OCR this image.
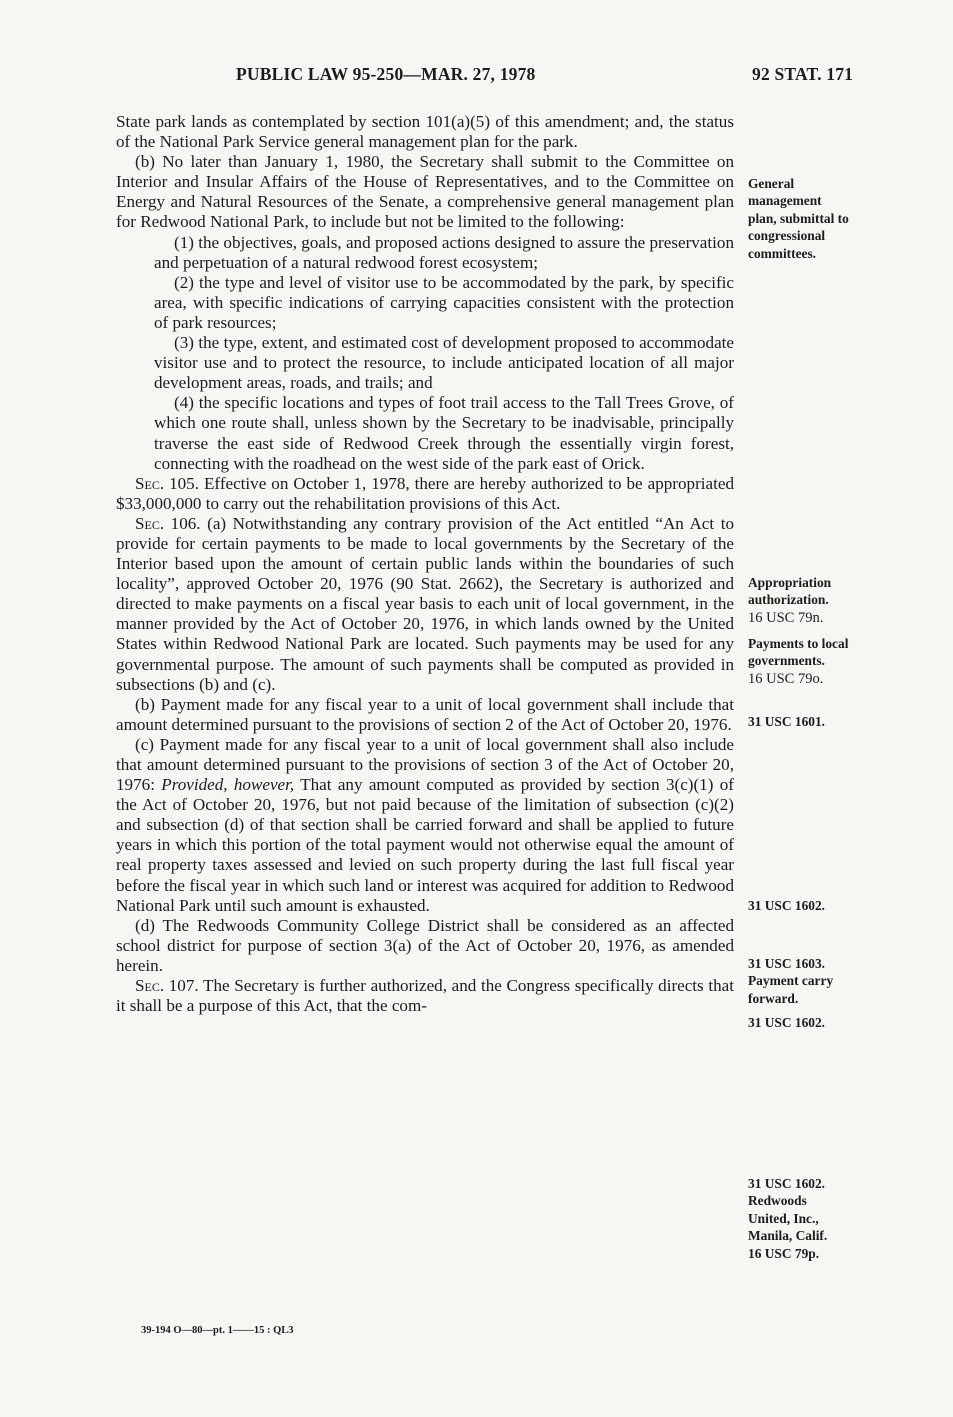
PUBLIC LAW 95-250—MAR. 27, 1978	92 STAT. 171

State park lands as contemplated by section 101(a)(5) of this amendment; and, the status of the National Park Service general management plan for the park.

(b) No later than January 1, 1980, the Secretary shall submit to the Committee on Interior and Insular Affairs of the House of Representatives, and to the Committee on Energy and Natural Resources of the Senate, a comprehensive general management plan for Redwood National Park, to include but not be limited to the following:

(1) the objectives, goals, and proposed actions designed to assure the preservation and perpetuation of a natural redwood forest ecosystem;

(2) the type and level of visitor use to be accommodated by the park, by specific area, with specific indications of carrying capacities consistent with the protection of park resources;

(3) the type, extent, and estimated cost of development proposed to accommodate visitor use and to protect the resource, to include anticipated location of all major development areas, roads, and trails; and

(4) the specific locations and types of foot trail access to the Tall Trees Grove, of which one route shall, unless shown by the Secretary to be inadvisable, principally traverse the east side of Redwood Creek through the essentially virgin forest, connecting with the roadhead on the west side of the park east of Orick.

Sec. 105. Effective on October 1, 1978, there are hereby authorized to be appropriated $33,000,000 to carry out the rehabilitation provisions of this Act.

Sec. 106. (a) Notwithstanding any contrary provision of the Act entitled “An Act to provide for certain payments to be made to local governments by the Secretary of the Interior based upon the amount of certain public lands within the boundaries of such locality”, approved October 20, 1976 (90 Stat. 2662), the Secretary is authorized and directed to make payments on a fiscal year basis to each unit of local government, in the manner provided by the Act of October 20, 1976, in which lands owned by the United States within Redwood National Park are located. Such payments may be used for any governmental purpose. The amount of such payments shall be computed as provided in subsections (b) and (c).

(b) Payment made for any fiscal year to a unit of local government shall include that amount determined pursuant to the provisions of section 2 of the Act of October 20, 1976.

(c) Payment made for any fiscal year to a unit of local government shall also include that amount determined pursuant to the provisions of section 3 of the Act of October 20, 1976: Provided, however, That any amount computed as provided by section 3(c)(1) of the Act of October 20, 1976, but not paid because of the limitation of subsection (c)(2) and subsection (d) of that section shall be carried forward and shall be applied to future years in which this portion of the total payment would not otherwise equal the amount of real property taxes assessed and levied on such property during the last full fiscal year before the fiscal year in which such land or interest was acquired for addition to Redwood National Park until such amount is exhausted.

(d) The Redwoods Community College District shall be considered as an affected school district for purpose of section 3(a) of the Act of October 20, 1976, as amended herein.

Sec. 107. The Secretary is further authorized, and the Congress specifically directs that it shall be a purpose of this Act, that the com-

General
management
plan, submittal to
congressional
committees.
Appropriation
authorization.
16 USC 79n.
Payments to local
governments.
16 USC 79o.
31 USC 1601.
31 USC 1602.
31 USC 1603.
Payment carry
forward.
31 USC 1602.
31 USC 1602.
Redwoods
United, Inc.,
Manila, Calif.
16 USC 79p.
39-194 O—80—pt. 1——15 : QL3
